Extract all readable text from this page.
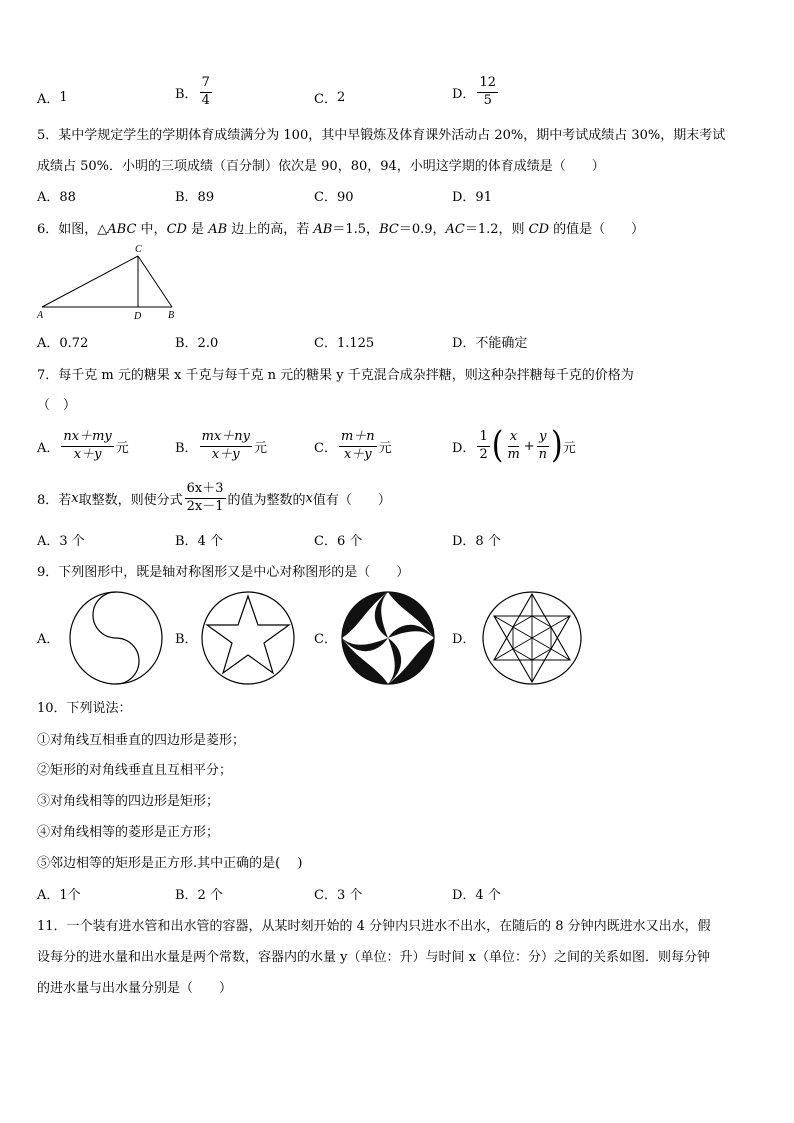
A． 1	B． $\frac{7}{4}$	C． 2	D． $\frac{12}{5}$
5．某中学规定学生的学期体育成绩满分为 100，其中早锻炼及体育课外活动占 20%，期中考试成绩占 30%，期末考试
成绩占 50%．小明的三项成绩（百分制）依次是 90，80，94，小明这学期的体育成绩是（　　）
A．88	B．89	C．90	D．91
6．如图，△ABC 中，CD 是 AB 边上的高，若 AB＝1.5，BC＝0.9，AC＝1.2，则 CD 的值是（　　）
C
A	D	B
A．0.72	B．2.0	C．1.125	D．不能确定
7．每千克 m 元的糖果 x 千克与每千克 n 元的糖果 y 千克混合成杂拌糖，则这种杂拌糖每千克的价格为
（　）
A． $\frac{nx+my}{x+y}$ 元	B． $\frac{mx+ny}{x+y}$ 元	C． $\frac{m+n}{x+y}$ 元	D． $\frac{1}{2}$ ( $\frac{x}{m} + \frac{y}{n}$ ) 元
8．若 x 取整数，则使分式 $\frac{6x+3}{2x-1}$ 的值为整数的 x 值有（　　）
A．3 个	B．4 个	C．6 个	D．8 个
9．下列图形中，既是轴对称图形又是中心对称图形的是（　　）
A．	B．	C．	D．
10．下列说法：
①对角线互相垂直的四边形是菱形；
②矩形的对角线垂直且互相平分；
③对角线相等的四边形是矩形；
④对角线相等的菱形是正方形；
⑤邻边相等的矩形是正方形.其中正确的是(　 )
A．1个	B．2 个	C．3 个	D．4 个
11．一个装有进水管和出水管的容器，从某时刻开始的 4 分钟内只进水不出水，在随后的 8 分钟内既进水又出水，假
设每分的进水量和出水量是两个常数，容器内的水量 y（单位：升）与时间 x（单位：分）之间的关系如图．则每分钟
的进水量与出水量分别是（　　）
